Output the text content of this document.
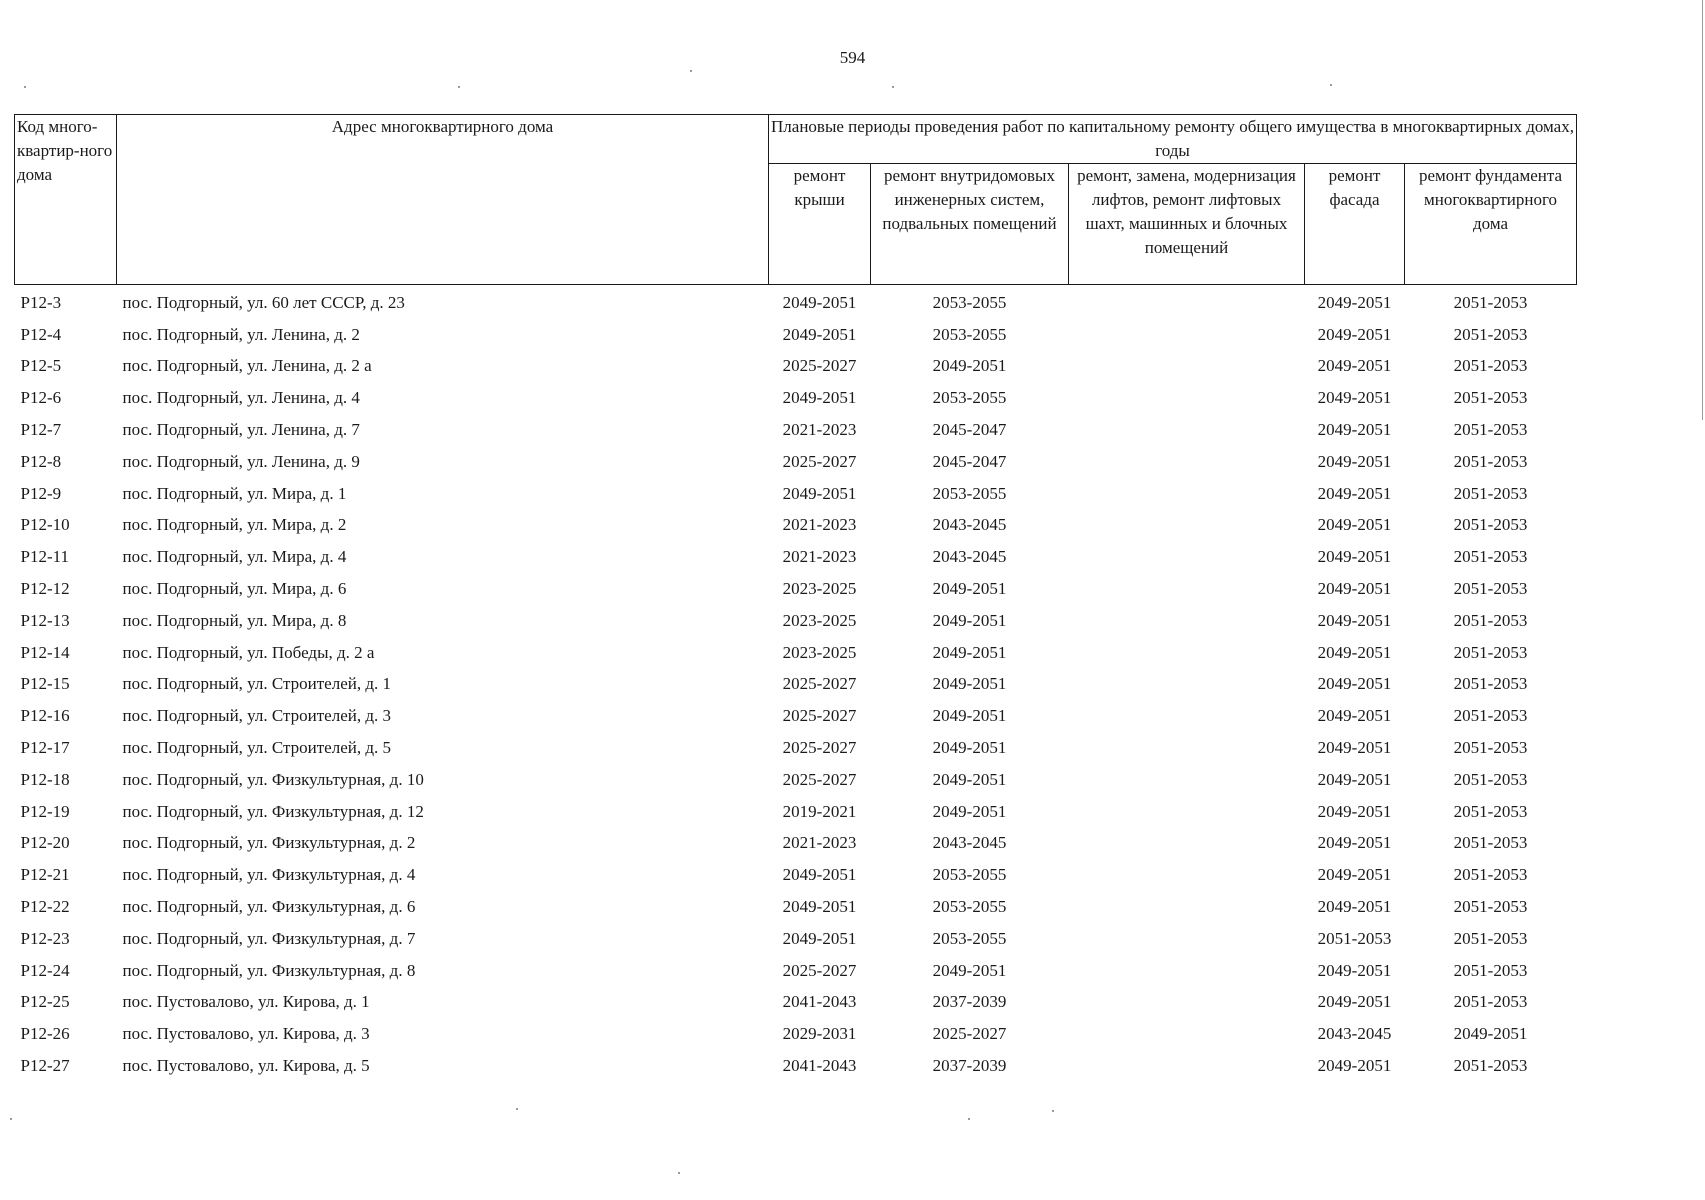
594
Код много-квартир-ного дома	Адрес многоквартирного дома	Плановые периоды проведения работ по капитальному ремонту общего имущества в многоквартирных домах, годы				
		ремонт крыши	ремонт внутридомовых инженерных систем, подвальных помещений	ремонт, замена, модернизация лифтов, ремонт лифтовых шахт, машинных и блочных помещений	ремонт фасада	ремонт фундамента многоквартирного дома
Р12-3	пос. Подгорный, ул. 60 лет СССР, д. 23	2049-2051	2053-2055		2049-2051	2051-2053
Р12-4	пос. Подгорный, ул. Ленина, д. 2	2049-2051	2053-2055		2049-2051	2051-2053
Р12-5	пос. Подгорный, ул. Ленина, д. 2 а	2025-2027	2049-2051		2049-2051	2051-2053
Р12-6	пос. Подгорный, ул. Ленина, д. 4	2049-2051	2053-2055		2049-2051	2051-2053
Р12-7	пос. Подгорный, ул. Ленина, д. 7	2021-2023	2045-2047		2049-2051	2051-2053
Р12-8	пос. Подгорный, ул. Ленина, д. 9	2025-2027	2045-2047		2049-2051	2051-2053
Р12-9	пос. Подгорный, ул. Мира, д. 1	2049-2051	2053-2055		2049-2051	2051-2053
Р12-10	пос. Подгорный, ул. Мира, д. 2	2021-2023	2043-2045		2049-2051	2051-2053
Р12-11	пос. Подгорный, ул. Мира, д. 4	2021-2023	2043-2045		2049-2051	2051-2053
Р12-12	пос. Подгорный, ул. Мира, д. 6	2023-2025	2049-2051		2049-2051	2051-2053
Р12-13	пос. Подгорный, ул. Мира, д. 8	2023-2025	2049-2051		2049-2051	2051-2053
Р12-14	пос. Подгорный, ул. Победы, д. 2 а	2023-2025	2049-2051		2049-2051	2051-2053
Р12-15	пос. Подгорный, ул. Строителей, д. 1	2025-2027	2049-2051		2049-2051	2051-2053
Р12-16	пос. Подгорный, ул. Строителей, д. 3	2025-2027	2049-2051		2049-2051	2051-2053
Р12-17	пос. Подгорный, ул. Строителей, д. 5	2025-2027	2049-2051		2049-2051	2051-2053
Р12-18	пос. Подгорный, ул. Физкультурная, д. 10	2025-2027	2049-2051		2049-2051	2051-2053
Р12-19	пос. Подгорный, ул. Физкультурная, д. 12	2019-2021	2049-2051		2049-2051	2051-2053
Р12-20	пос. Подгорный, ул. Физкультурная, д. 2	2021-2023	2043-2045		2049-2051	2051-2053
Р12-21	пос. Подгорный, ул. Физкультурная, д. 4	2049-2051	2053-2055		2049-2051	2051-2053
Р12-22	пос. Подгорный, ул. Физкультурная, д. 6	2049-2051	2053-2055		2049-2051	2051-2053
Р12-23	пос. Подгорный, ул. Физкультурная, д. 7	2049-2051	2053-2055		2051-2053	2051-2053
Р12-24	пос. Подгорный, ул. Физкультурная, д. 8	2025-2027	2049-2051		2049-2051	2051-2053
Р12-25	пос. Пустовалово, ул. Кирова, д. 1	2041-2043	2037-2039		2049-2051	2051-2053
Р12-26	пос. Пустовалово, ул. Кирова, д. 3	2029-2031	2025-2027		2043-2045	2049-2051
Р12-27	пос. Пустовалово, ул. Кирова, д. 5	2041-2043	2037-2039		2049-2051	2051-2053
